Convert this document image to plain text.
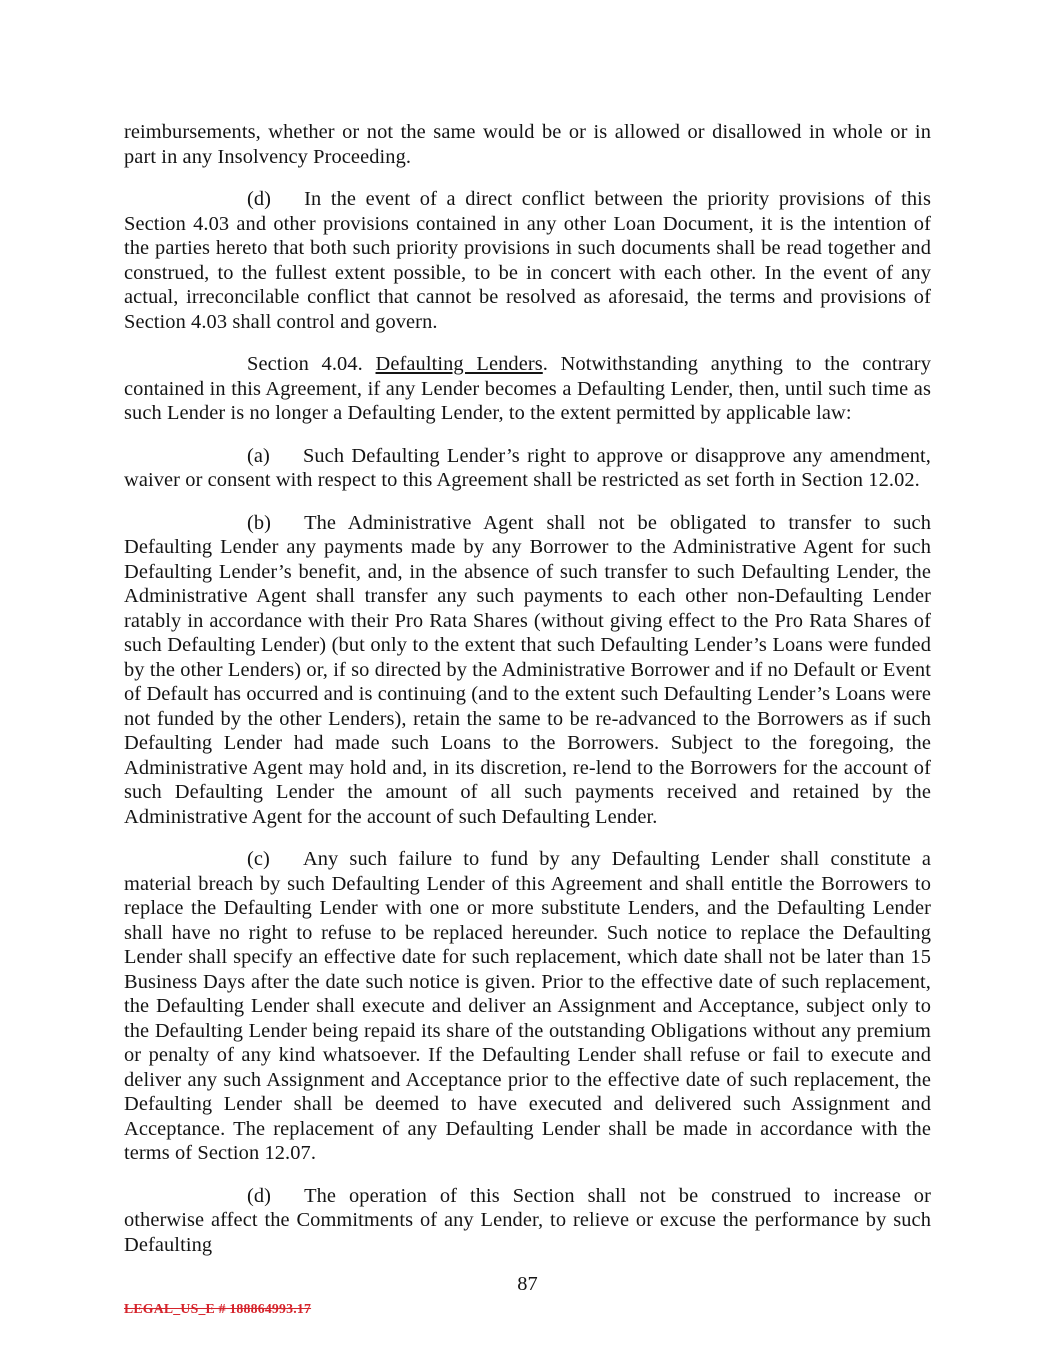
reimbursements, whether or not the same would be or is allowed or disallowed in whole or in part in any Insolvency Proceeding.

(d) In the event of a direct conflict between the priority provisions of this Section 4.03 and other provisions contained in any other Loan Document, it is the intention of the parties hereto that both such priority provisions in such documents shall be read together and construed, to the fullest extent possible, to be in concert with each other. In the event of any actual, irreconcilable conflict that cannot be resolved as aforesaid, the terms and provisions of Section 4.03 shall control and govern.

Section 4.04. Defaulting Lenders. Notwithstanding anything to the contrary contained in this Agreement, if any Lender becomes a Defaulting Lender, then, until such time as such Lender is no longer a Defaulting Lender, to the extent permitted by applicable law:

(a) Such Defaulting Lender’s right to approve or disapprove any amendment, waiver or consent with respect to this Agreement shall be restricted as set forth in Section 12.02.

(b) The Administrative Agent shall not be obligated to transfer to such Defaulting Lender any payments made by any Borrower to the Administrative Agent for such Defaulting Lender’s benefit, and, in the absence of such transfer to such Defaulting Lender, the Administrative Agent shall transfer any such payments to each other non-Defaulting Lender ratably in accordance with their Pro Rata Shares (without giving effect to the Pro Rata Shares of such Defaulting Lender) (but only to the extent that such Defaulting Lender’s Loans were funded by the other Lenders) or, if so directed by the Administrative Borrower and if no Default or Event of Default has occurred and is continuing (and to the extent such Defaulting Lender’s Loans were not funded by the other Lenders), retain the same to be re-advanced to the Borrowers as if such Defaulting Lender had made such Loans to the Borrowers. Subject to the foregoing, the Administrative Agent may hold and, in its discretion, re-lend to the Borrowers for the account of such Defaulting Lender the amount of all such payments received and retained by the Administrative Agent for the account of such Defaulting Lender.

(c) Any such failure to fund by any Defaulting Lender shall constitute a material breach by such Defaulting Lender of this Agreement and shall entitle the Borrowers to replace the Defaulting Lender with one or more substitute Lenders, and the Defaulting Lender shall have no right to refuse to be replaced hereunder. Such notice to replace the Defaulting Lender shall specify an effective date for such replacement, which date shall not be later than 15 Business Days after the date such notice is given. Prior to the effective date of such replacement, the Defaulting Lender shall execute and deliver an Assignment and Acceptance, subject only to the Defaulting Lender being repaid its share of the outstanding Obligations without any premium or penalty of any kind whatsoever. If the Defaulting Lender shall refuse or fail to execute and deliver any such Assignment and Acceptance prior to the effective date of such replacement, the Defaulting Lender shall be deemed to have executed and delivered such Assignment and Acceptance. The replacement of any Defaulting Lender shall be made in accordance with the terms of Section 12.07.

(d) The operation of this Section shall not be construed to increase or otherwise affect the Commitments of any Lender, to relieve or excuse the performance by such Defaulting

87
LEGAL_US_E # 188864993.17
